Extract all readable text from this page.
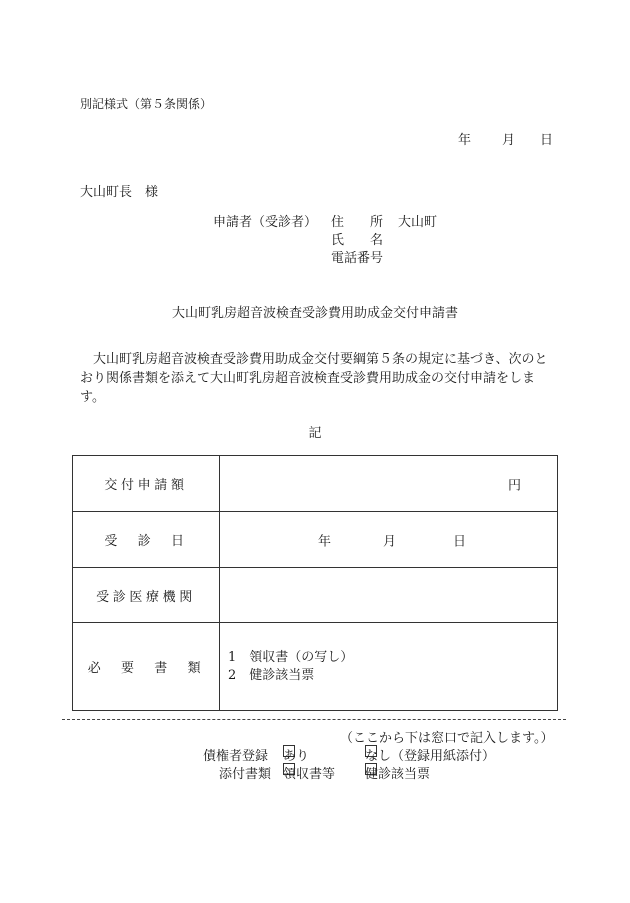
別記様式（第５条関係）
年 月 日
大山町長　様
申請者（受診者） 住　　所 大山町
氏　　名
電話番号
大山町乳房超音波検査受診費用助成金交付申請書
大山町乳房超音波検査受診費用助成金交付要綱第５条の規定に基づき、次のとおり関係書類を添えて大山町乳房超音波検査受診費用助成金の交付申請をします。
記
交付申請額	円

受　診　日	年 月 日

受診医療機関	
必　要　書　類	1　領収書（の写し）
2　健診該当票
（ここから下は窓口で記入します。）
債権者登録 あり	なし（登録用紙添付）
添付書類 領収書等 健診該当票
